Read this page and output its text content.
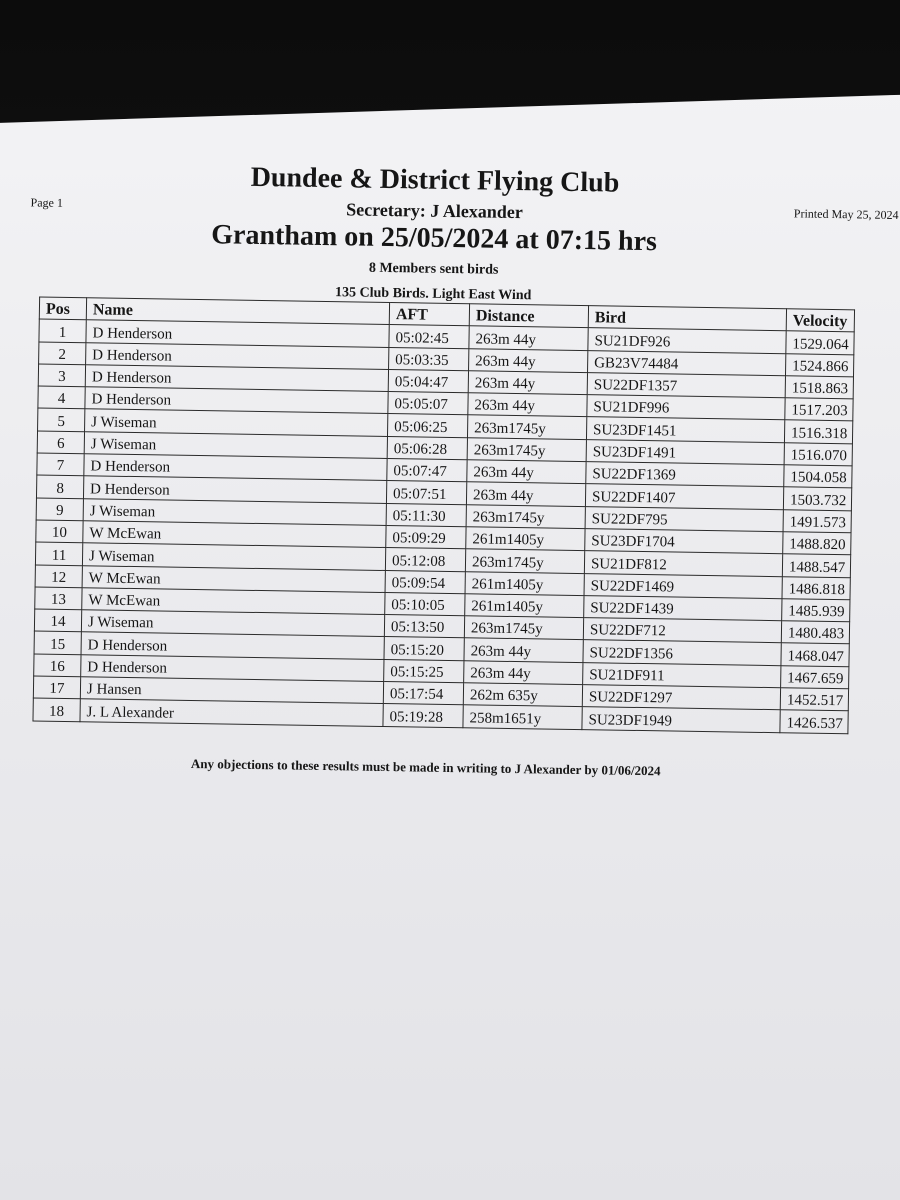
Page 1
Printed May 25, 2024
Dundee & District Flying Club
Secretary: J Alexander
Grantham on 25/05/2024 at 07:15 hrs
8 Members sent birds
135 Club Birds. Light East Wind
Pos	Name	AFT	Distance	Bird	Velocity
1	D Henderson	05:02:45	263m 44y	SU21DF926	1529.064
2	D Henderson	05:03:35	263m 44y	GB23V74484	1524.866
3	D Henderson	05:04:47	263m 44y	SU22DF1357	1518.863
4	D Henderson	05:05:07	263m 44y	SU21DF996	1517.203
5	J Wiseman	05:06:25	263m1745y	SU23DF1451	1516.318
6	J Wiseman	05:06:28	263m1745y	SU23DF1491	1516.070
7	D Henderson	05:07:47	263m 44y	SU22DF1369	1504.058
8	D Henderson	05:07:51	263m 44y	SU22DF1407	1503.732
9	J Wiseman	05:11:30	263m1745y	SU22DF795	1491.573
10	W McEwan	05:09:29	261m1405y	SU23DF1704	1488.820
11	J Wiseman	05:12:08	263m1745y	SU21DF812	1488.547
12	W McEwan	05:09:54	261m1405y	SU22DF1469	1486.818
13	W McEwan	05:10:05	261m1405y	SU22DF1439	1485.939
14	J Wiseman	05:13:50	263m1745y	SU22DF712	1480.483
15	D Henderson	05:15:20	263m 44y	SU22DF1356	1468.047
16	D Henderson	05:15:25	263m 44y	SU21DF911	1467.659
17	J Hansen	05:17:54	262m 635y	SU22DF1297	1452.517
18	J. L Alexander	05:19:28	258m1651y	SU23DF1949	1426.537
Any objections to these results must be made in writing to J Alexander by 01/06/2024
